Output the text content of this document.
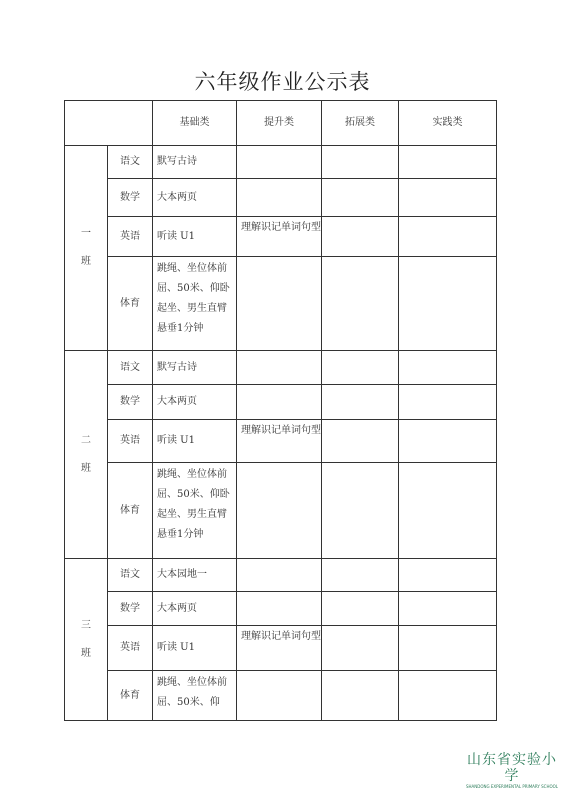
六年级作业公示表
		基础类	提升类	拓展类	实践类

一
班	语文	默写古诗			
	数学	大本两页			
	英语	听读 U1	理解识记单词句型		
	体育	跳绳、坐位体前屈、50米、仰卧起坐、男生直臂悬垂1分钟			

二
班	语文	默写古诗			
	数学	大本两页			
	英语	听读 U1	理解识记单词句型		
	体育	跳绳、坐位体前屈、50米、仰卧起坐、男生直臂悬垂1分钟			

三
班	语文	大本园地一			
	数学	大本两页			
	英语	听读 U1	理解识记单词句型		
	体育	跳绳、坐位体前屈、50米、仰			
山东省实验小学
SHANDONG EXPERIMENTAL PRIMARY SCHOOL
